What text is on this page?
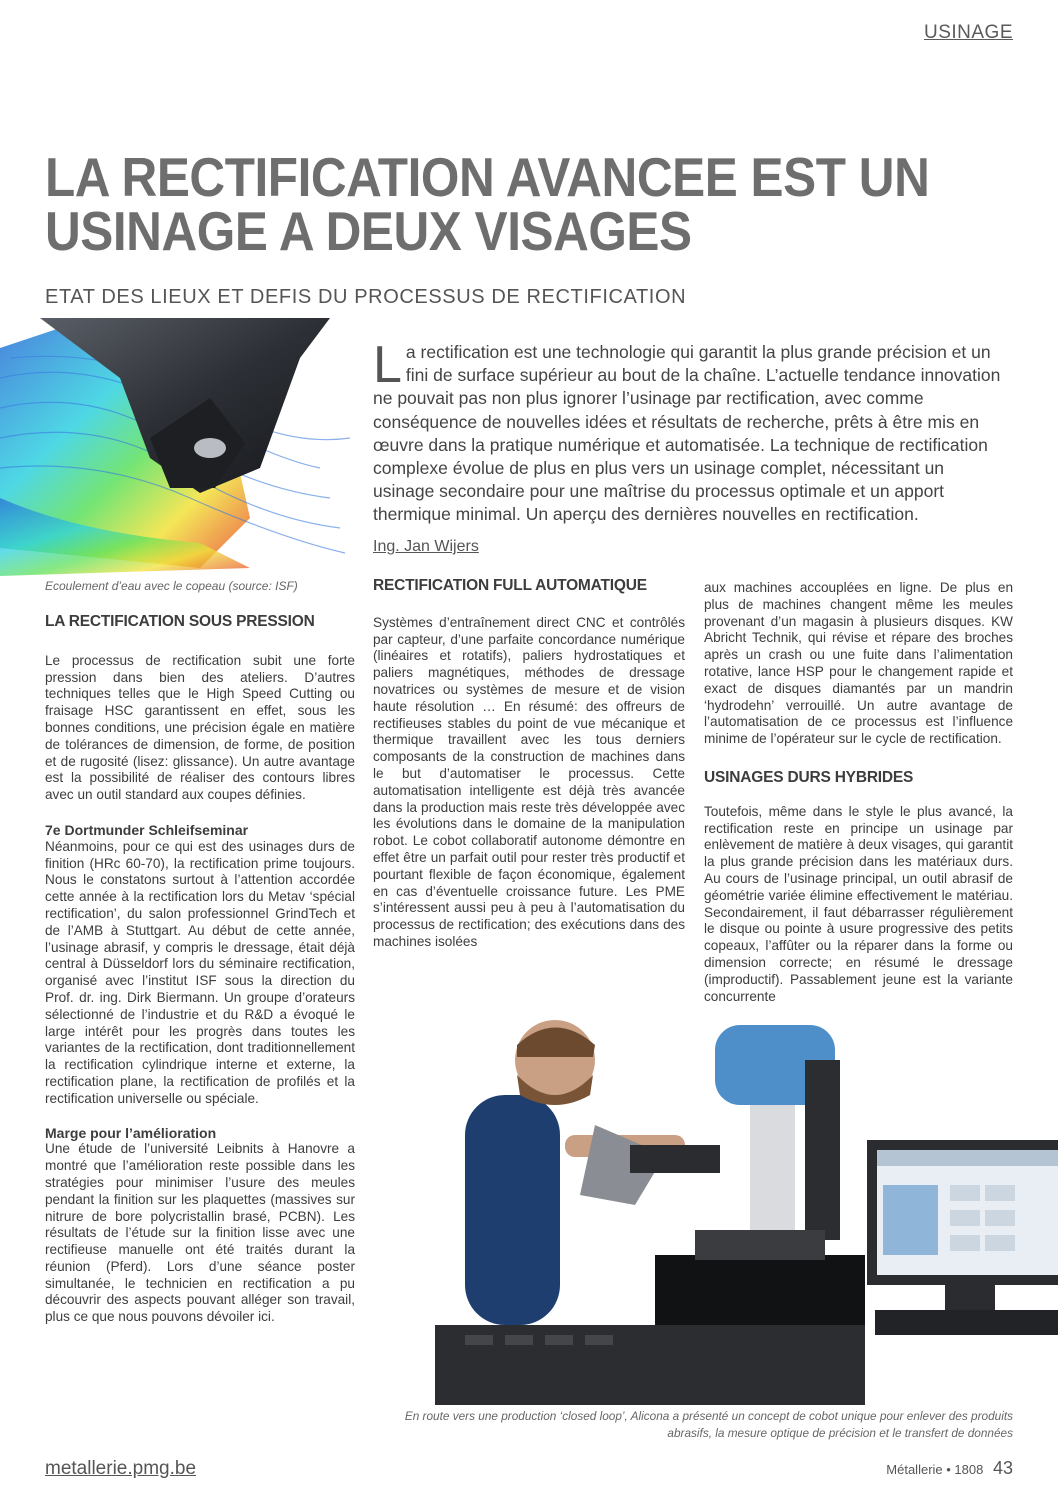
USINAGE
LA RECTIFICATION AVANCEE EST UN
USINAGE A DEUX VISAGES
ETAT DES LIEUX ET DEFIS DU PROCESSUS DE RECTIFICATION
Ecoulement d’eau avec le copeau (source: ISF)
L a rectification est une technologie qui garantit la plus grande précision et un fini de surface supérieur au bout de la chaîne. L’actuelle tendance innovation ne pouvait pas non plus ignorer l’usinage par rectification, avec comme conséquence de nouvelles idées et résultats de recherche, prêts à être mis en œuvre dans la pratique numérique et automatisée. La technique de rectification complexe évolue de plus en plus vers un usinage complet, nécessitant un usinage secondaire pour une maîtrise du processus optimale et un apport thermique minimal. Un aperçu des dernières nouvelles en rectification.
Ing. Jan Wijers
LA RECTIFICATION SOUS PRESSION

Le processus de rectification subit une forte pression dans bien des ateliers. D’autres techniques telles que le High Speed Cutting ou fraisage HSC garantissent en effet, sous les bonnes conditions, une précision égale en matière de tolérances de dimension, de forme, de position et de rugosité (lisez: glissance). Un autre avantage est la possibilité de réaliser des contours libres avec un outil standard aux coupes définies.

7e Dortmunder Schleifseminar

Néanmoins, pour ce qui est des usinages durs de finition (HRc 60-70), la rectification prime toujours. Nous le constatons surtout à l’attention accordée cette année à la rectification lors du Metav ‘spécial rectification’, du salon professionnel GrindTech et de l’AMB à Stuttgart. Au début de cette année, l’usinage abrasif, y compris le dressage, était déjà central à Düsseldorf lors du séminaire rectification, organisé avec l’institut ISF sous la direction du Prof. dr. ing. Dirk Biermann. Un groupe d’orateurs sélectionné de l’industrie et du R&D a évoqué le large intérêt pour les progrès dans toutes les variantes de la rectification, dont traditionnellement la rectification cylindrique interne et externe, la rectification plane, la rectification de profilés et la rectification universelle ou spéciale.

Marge pour l’amélioration

Une étude de l’université Leibnits à Hanovre a montré que l’amélioration reste possible dans les stratégies pour minimiser l’usure des meules pendant la finition sur les plaquettes (massives sur nitrure de bore polycristallin brasé, PCBN). Les résultats de l’étude sur la finition lisse avec une rectifieuse manuelle ont été traités durant la réunion (Pferd). Lors d’une séance poster simultanée, le technicien en rectification a pu découvrir des aspects pouvant alléger son travail, plus ce que nous pouvons dévoiler ici.

RECTIFICATION FULL AUTOMATIQUE

Systèmes d’entraînement direct CNC et contrôlés par capteur, d’une parfaite concordance numérique (linéaires et rotatifs), paliers hydrostatiques et paliers magnétiques, méthodes de dressage novatrices ou systèmes de mesure et de vision haute résolution … En résumé: des offreurs de rectifieuses stables du point de vue mécanique et thermique travaillent avec les tous derniers composants de la construction de machines dans le but d’automatiser le processus. Cette automatisation intelligente est déjà très avancée dans la production mais reste très développée avec les évolutions dans le domaine de la manipulation robot. Le cobot collaboratif autonome démontre en effet être un parfait outil pour rester très productif et pourtant flexible de façon économique, également en cas d’éventuelle croissance future. Les PME s’intéressent aussi peu à peu à l’automatisation du processus de rectification; des exécutions dans des machines isolées

aux machines accouplées en ligne. De plus en plus de machines changent même les meules provenant d’un magasin à plusieurs disques. KW Abricht Technik, qui révise et répare des broches après un crash ou une fuite dans l’alimentation rotative, lance HSP pour le changement rapide et exact de disques diamantés par un mandrin ‘hydrodehn’ verrouillé. Un autre avantage de l’automatisation de ce processus est l’influence minime de l’opérateur sur le cycle de rectification.

USINAGES DURS HYBRIDES

Toutefois, même dans le style le plus avancé, la rectification reste en principe un usinage par enlèvement de matière à deux visages, qui garantit la plus grande précision dans les matériaux durs. Au cours de l’usinage principal, un outil abrasif de géométrie variée élimine effectivement le matériau. Secondairement, il faut débarrasser régulièrement le disque ou pointe à usure progressive des petits copeaux, l’affûter ou la réparer dans la forme ou dimension correcte; en résumé le dressage (improductif). Passablement jeune est la variante concurrente

En route vers une production ‘closed loop’, Alicona a présenté un concept de cobot unique pour enlever des produits abrasifs, la mesure optique de précision et le transfert de données
metallerie.pmg.be	Métallerie • 1808 43
